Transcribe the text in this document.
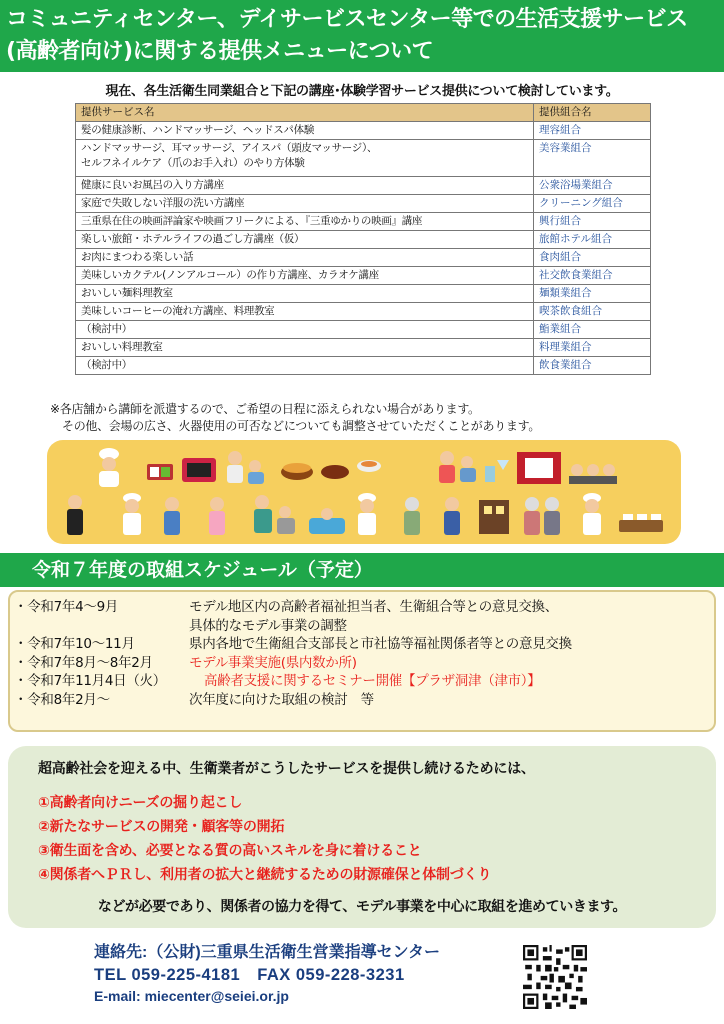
コミュニティセンター、デイサービスセンター等での生活支援サービス
(高齢者向け)に関する提供メニューについて
現在、各生活衛生同業組合と下記の講座･体験学習サービス提供について検討しています。
提供サービス名	提供組合名
髪の健康診断、ハンドマッサージ、ヘッドスパ体験	理容組合

ハンドマッサージ、耳マッサージ、アイスパ（頭皮マッサージ）、
セルフネイルケア（爪のお手入れ）のやり方体験	美容業組合
健康に良いお風呂の入り方講座	公衆浴場業組合
家庭で失敗しない洋服の洗い方講座	クリーニング組合
三重県在住の映画評論家や映画フリークによる、『三重ゆかりの映画』講座	興行組合
楽しい旅館・ホテルライフの過ごし方講座（仮）	旅館ホテル組合
お肉にまつわる楽しい話	食肉組合
美味しいカクテル(ノンアルコール）の作り方講座、カラオケ講座	社交飲食業組合
おいしい麺料理教室	麺類業組合
美味しいコーヒーの淹れ方講座、料理教室	喫茶飲食組合
（検討中）	鮨業組合
おいしい料理教室	料理業組合
（検討中）	飲食業組合
※各店舗から講師を派遣するので、ご希望の日程に添えられない場合があります。
その他、会場の広さ、火器使用の可否などについても調整させていただくことがあります。
令和７年度の取組スケジュール（予定）
・令和7年4～9月	モデル地区内の高齢者福祉担当者、生衛組合等との意見交換、
具体的なモデル事業の調整
・令和7年10～11月	県内各地で生衛組合支部長と市社協等福祉関係者等との意見交換
・令和7年8月～8年2月	モデル事業実施(県内数か所)
・令和7年11月4日（火）	高齢者支援に関するセミナー開催【プラザ洞津（津市）】
・令和8年2月～	次年度に向けた取組の検討　等
超高齢社会を迎える中、生衛業者がこうしたサービスを提供し続けるためには、
①高齢者向けニーズの掘り起こし
②新たなサービスの開発・顧客等の開拓
③衛生面を含め、必要となる質の高いスキルを身に着けること
④関係者へＰＲし、利用者の拡大と継続するための財源確保と体制づくり
などが必要であり、関係者の協力を得て、モデル事業を中心に取組を進めていきます。
連絡先:（公財)三重県生活衛生営業指導センター
TEL 059-225-4181　FAX 059-228-3231
E-mail: miecenter@seiei.or.jp
